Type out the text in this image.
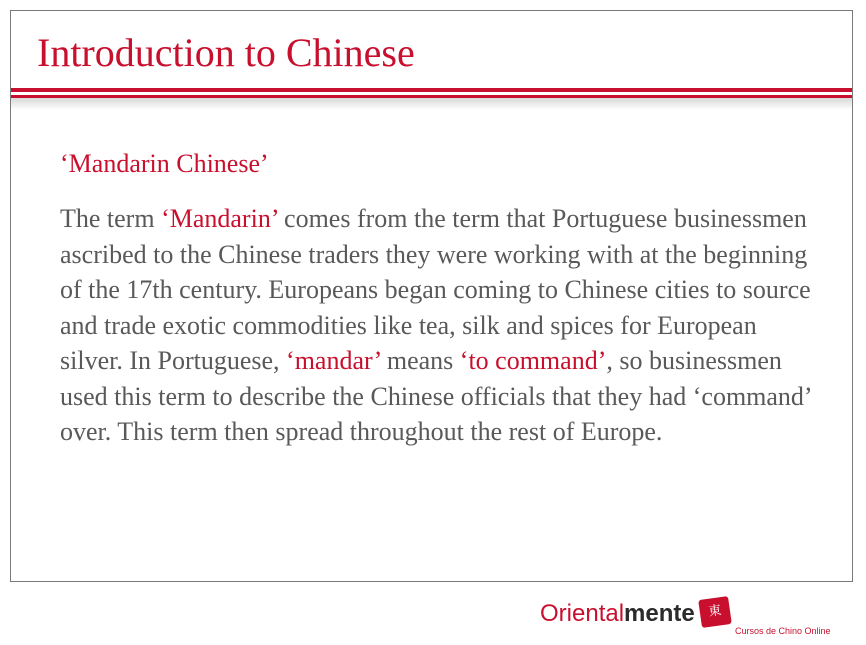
Introduction to Chinese
‘Mandarin Chinese’
The term ‘Mandarin’ comes from the term that Portuguese businessmen ascribed to the Chinese traders they were working with at the beginning of the 17th century. Europeans began coming to Chinese cities to source and trade exotic commodities like tea, silk and spices for European silver. In Portuguese, ‘mandar’ means ‘to command’, so businessmen used this term to describe the Chinese officials that they had ‘command’ over. This term then spread throughout the rest of Europe.
Orientalmente 東
Cursos de Chino Online
